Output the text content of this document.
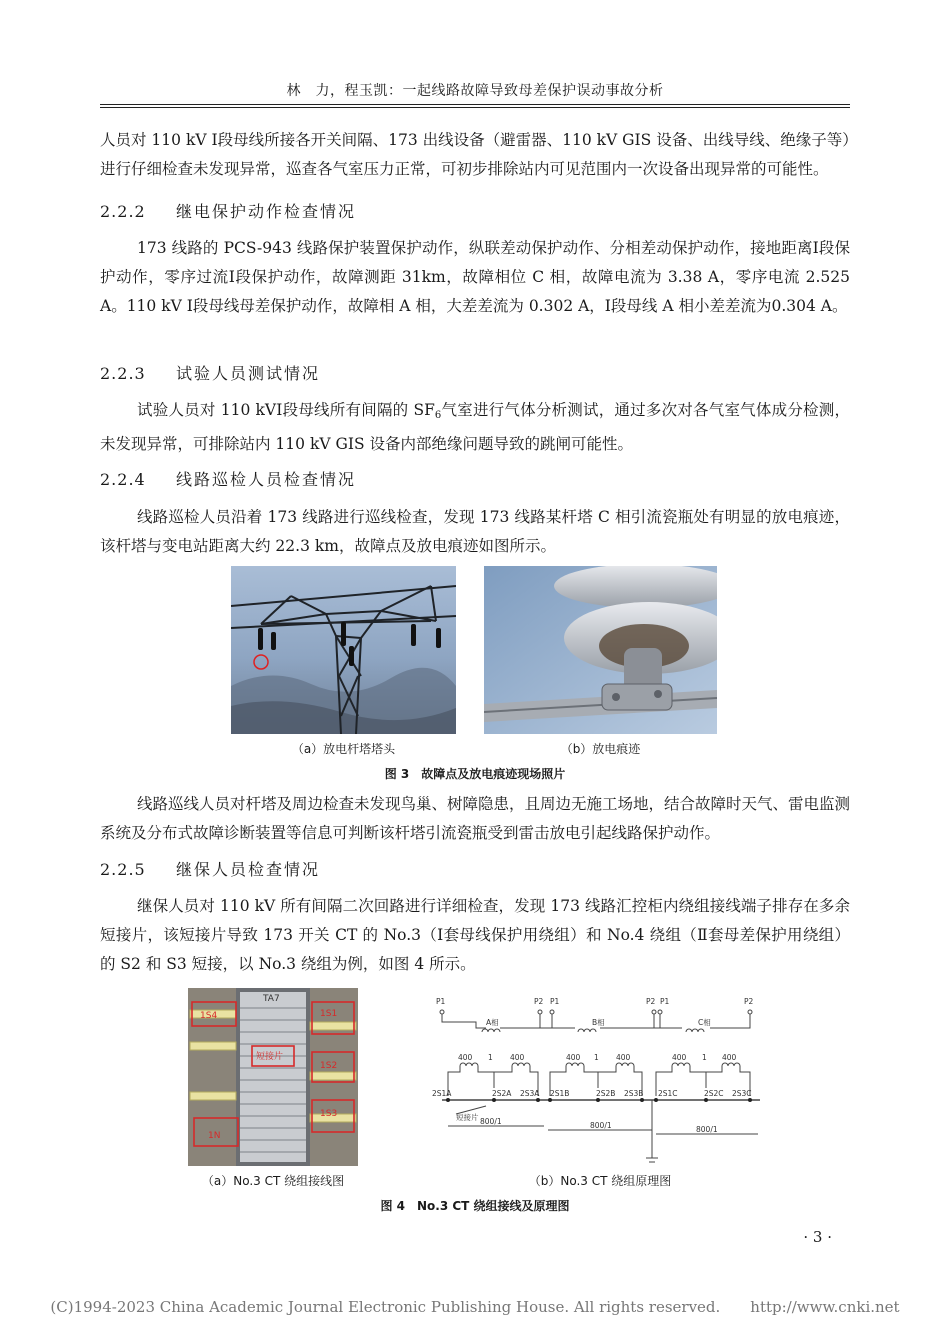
林　力，程玉凯：一起线路故障导致母差保护误动事故分析
人员对 110 kV Ⅰ段母线所接各开关间隔、173 出线设备（避雷器、110 kV GIS 设备、出线导线、绝缘子等）进行仔细检查未发现异常，巡查各气室压力正常，可初步排除站内可见范围内一次设备出现异常的可能性。
2.2.2 继电保护动作检查情况
173 线路的 PCS-943 线路保护装置保护动作，纵联差动保护动作、分相差动保护动作，接地距离Ⅰ段保护动作，零序过流Ⅰ段保护动作，故障测距 31km，故障相位 C 相，故障电流为 3.38 A，零序电流 2.525 A。110 kV Ⅰ段母线母差保护动作，故障相 A 相，大差差流为 0.302 A，Ⅰ段母线 A 相小差差流为0.304 A。
2.2.3 试验人员测试情况
试验人员对 110 kVⅠ段母线所有间隔的 $SF_6$气室进行气体分析测试，通过多次对各气室气体成分检测，未发现异常，可排除站内 110 kV GIS 设备内部绝缘问题导致的跳闸可能性。
2.2.4 线路巡检人员检查情况
线路巡检人员沿着 173 线路进行巡线检查，发现 173 线路某杆塔 C 相引流瓷瓶处有明显的放电痕迹，该杆塔与变电站距离大约 22.3 km，故障点及放电痕迹如图所示。
（a）放电杆塔塔头	（b）放电痕迹
图 3　故障点及放电痕迹现场照片
线路巡线人员对杆塔及周边检查未发现鸟巢、树障隐患，且周边无施工场地，结合故障时天气、雷电监测系统及分布式故障诊断装置等信息可判断该杆塔引流瓷瓶受到雷击放电引起线路保护动作。
2.2.5 继保人员检查情况
继保人员对 110 kV 所有间隔二次回路进行详细检查，发现 173 线路汇控柜内绕组接线端子排存在多余短接片，该短接片导致 173 开关 CT 的 No.3（Ⅰ套母线保护用绕组）和 No.4 绕组（Ⅱ套母差保护用绕组）的 S2 和 S3 短接，以 No.3 绕组为例，如图 4 所示。
TA7
1S1
1S2
1S3
1S4
短接片
1N
P1	P2 P1	P2 P1	P2
A相	B相	C相
400 1 400	400 1 400	400 1 400
2S1A	2S2A 2S3A 2S1B	2S2B 2S3B 2S1C	2S2C 2S3C
短接片 800/1	800/1	800/1
（a）No.3 CT 绕组接线图	（b）No.3 CT 绕组原理图
图 4　No.3 CT 绕组接线及原理图
· 3 ·
(C)1994-2023 China Academic Journal Electronic Publishing House. All rights reserved.　　http://www.cnki.net
